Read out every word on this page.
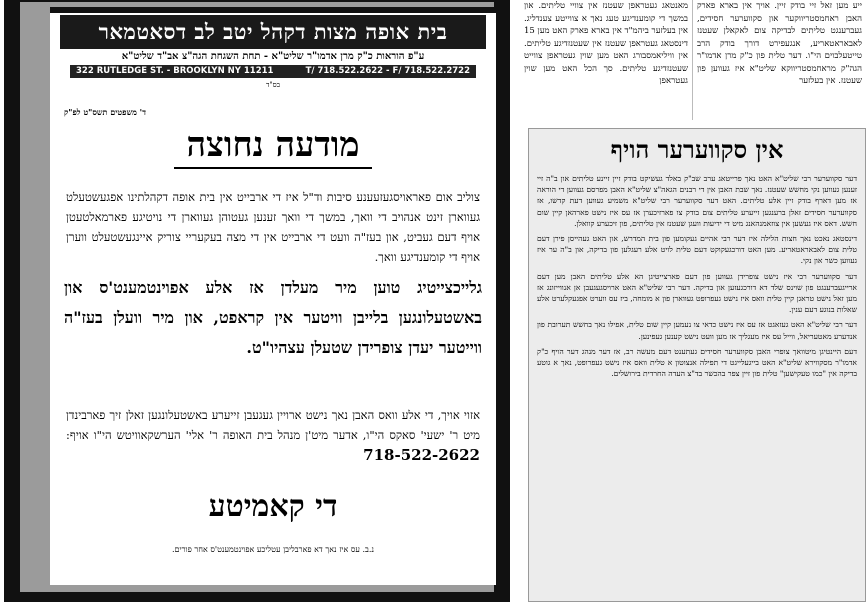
בית אופה מצות דקהל יטב לב דסאטמאר
ע"פ הוראות כ"ק מרן אדמו"ר שליט"א - תחת השגחת הגה"צ אב"ד שליט"א
322 RUTLEDGE ST. - BROOKLYN NY 11211	T/ 718.522.2622 - F/ 718.522.2722
בס"ד
ד' משפטים תשס"ט לפ"ק
מודעה נחוצה
צוליב אום פאראויסגעזעענע סיבות וד"ל איז די ארבייט אין בית אופה דקהלתינו אפגעשטעלט געווארן זינט אנהויב די וואך, במשך די וואך זענען געטוהן געווארן די נויטיגע פארמאלטעטן אויף דעם געביט, און בעז"ה וועט די ארבייט אין די מצה בעקעריי צוריק איינגעשטעלט ווערן אויף די קומענדיגע וואך.
גלייכצייטיג טוען מיר מעלדן אז אלע אפוינטמענט'ס און באשטעלונגען בלייבן וויטער אין קראפט, און מיר וועלן בעז"ה ווייטער יעדן צופרידן שטעלן עצהיו"ט.
אזוי אויך, די אלע וואס האבן נאך נישט ארויין געגעבן זייערע באשטעלונגען זאלן זיך פארבינדן מיט ר' ישעי' סאקס הי"ו, אדער מיט'ן מנהל בית האופה ר' אלי' הערשקאוויטש הי"ו אויף: 718-522-2622
די קאמיטע
נ.ב. עס איז נאך דא פארבליבן עטליכע אפוינטמענט'ס אחר פורים.
ייע מען זאל זיי בודק זיין. אויך אין בארא פארק האבן ראחמסטריווקער און סקווערער חסידים, געברענגט טליתים לבדיקה צום לאקאלן שעטנז לאבאראטאריע, אנגעפירט דורך בודק הרב טייטעלבוים הי"ו. דער טלית פון כ"ק מרן אדמו"ר הגה"ק מראחמסטריווקא שליט"א איז געווען פון שעטנז. אין בעלזער
מאנטאג געטראפן שעטנז אין צוויי טליתים. און במשך די קומענדיגע טעג נאך א צווייטע צענדליג. אין בעלזער ביהמ"ד אין בארא פארק האט מען 15 דינסטאג געטראפן שעטנז אין שעטנזדיגע טליתים. אין וויליאמסבורג האט מען שוין געטראפן צווייט שעטנזדיגע טליתים. סך הכל האט מען שוין געטראפן
אין סקווערער הויף

דער סקווערער רבי שליט"א האט נאך פרייטאג ערב שב"ק באלד געשיקט בודק זיין זיינע טליתים און ב"ה זיי זענען געווען נקי מחשש שעטנז. נאך שבת האבן אין די רבנים הגאה"צ שליט"א האבן מפרסם געווען די הוראה אז מען דארף בודק זיין אלע טליתים. האט דער סקווערער רבי שליט"א משמיע געווען דעת קדשו, אז סקווערער חסידים זאלן ברענגען זייערע טליתים צום בודק צו פארזיכערן אז עס איז נישט פארהאן קיין שום חשש. דאס איז געשען אין צוזאמנהאנג מיט די ידיעות וועגן שעטנז אין טליתים, פון זיכערע קוואלן.

דינסטאג נאכט נאך חצות הלילה איז דער רבי אהיים געקומען פון בית המדרש, און האט געהייסן פירן דעם טלית צום לאבאראטאריע. מען האט דורכגעקוקט דעם טלית לויט אלע רעגלען פון בדיקה, און ב"ה ער איז געווען כשר און נקי.

דער סקווערער רבי איז נישט צופרידן געווען פון דעם פארצייטיגן הא אלע טליתים האבן מען דעם ארייגעברענגט פון שוינס שלד דא דורכגעזען און בדיקה. דער רבי שליט"א האט ארויסגעגעבן אן אנווייזונג אז מען זאל נישט טראגן קיין טלית וואס איז נישט געפרופט געווארן פון א מומחה, ביז עס ווערט אפגעקלערט אלע שאלות בנוגע דעם ענין.

דער רבי שליט"א האט געזאגט אז עס איז נישט כדאי צו נעמען קיין שום טלית, אפילו נאך בחשש תערובת פון אנדערע מאטעריאל, ווייל עס איז מעגליך אז מען וועט נישט קענען געפינען.

דעם היינטיגן מיטוואך צופרי האבן סקווערער חסידים געתענט דעם מעשה רב, אז דער מנהג דער הויף כ"ק אדמו"ר מסקווירא שליט"א האט בייגעלייגט די תפילה אנצוטון א טלית וואס איז נישט געפרופט, נאך א גוטע בדיקה אין "כמו טעקישען" טלית פון זיין צפר בהכשר בד"צ העדה החרדית בירושלים.
